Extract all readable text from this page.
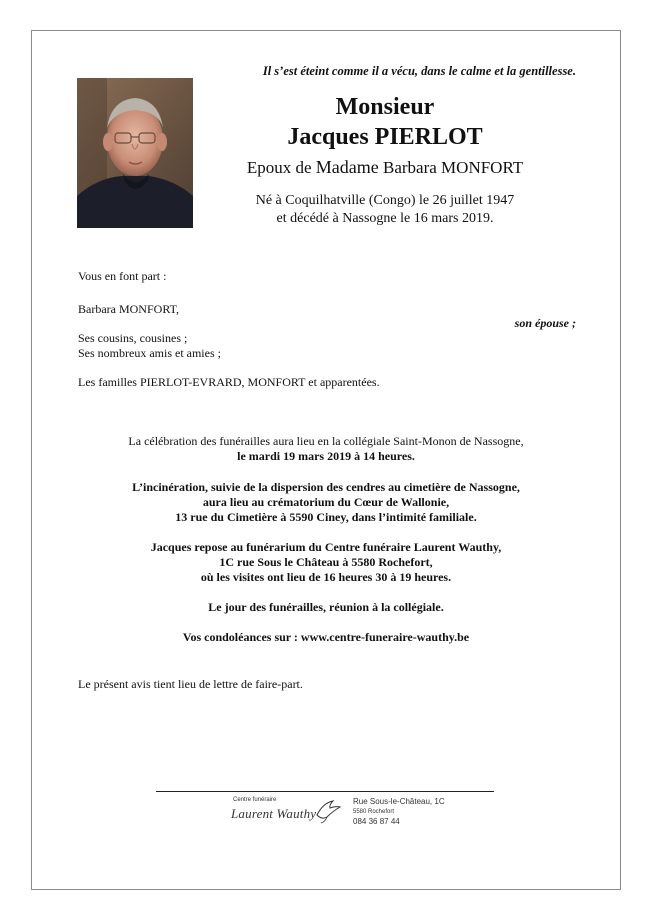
Il s’est éteint comme il a vécu, dans le calme et la gentillesse.
Monsieur
Jacques PIERLOT
Epoux de Madame Barbara MONFORT
Né à Coquilhatville (Congo) le 26 juillet 1947
et décédé à Nassogne le 16 mars 2019.
Vous en font part :
Barbara MONFORT,
son épouse ;
Ses cousins, cousines ;
Ses nombreux amis et amies ;
Les familles PIERLOT-EVRARD, MONFORT et apparentées.
La célébration des funérailles aura lieu en la collégiale Saint-Monon de Nassogne,
le mardi 19 mars 2019 à 14 heures.
L’incinération, suivie de la dispersion des cendres au cimetière de Nassogne,
aura lieu au crématorium du Cœur de Wallonie,
13 rue du Cimetière à 5590 Ciney, dans l’intimité familiale.
Jacques repose au funérarium du Centre funéraire Laurent Wauthy,
1C rue Sous le Château à 5580 Rochefort,
où les visites ont lieu de 16 heures 30 à 19 heures.
Le jour des funérailles, réunion à la collégiale.
Vos condoléances sur : www.centre-funeraire-wauthy.be
Le présent avis tient lieu de lettre de faire-part.
Centre funéraire
Laurent Wauthy
Rue Sous-le-Château, 1C
5580 Rochefort
084 36 87 44
